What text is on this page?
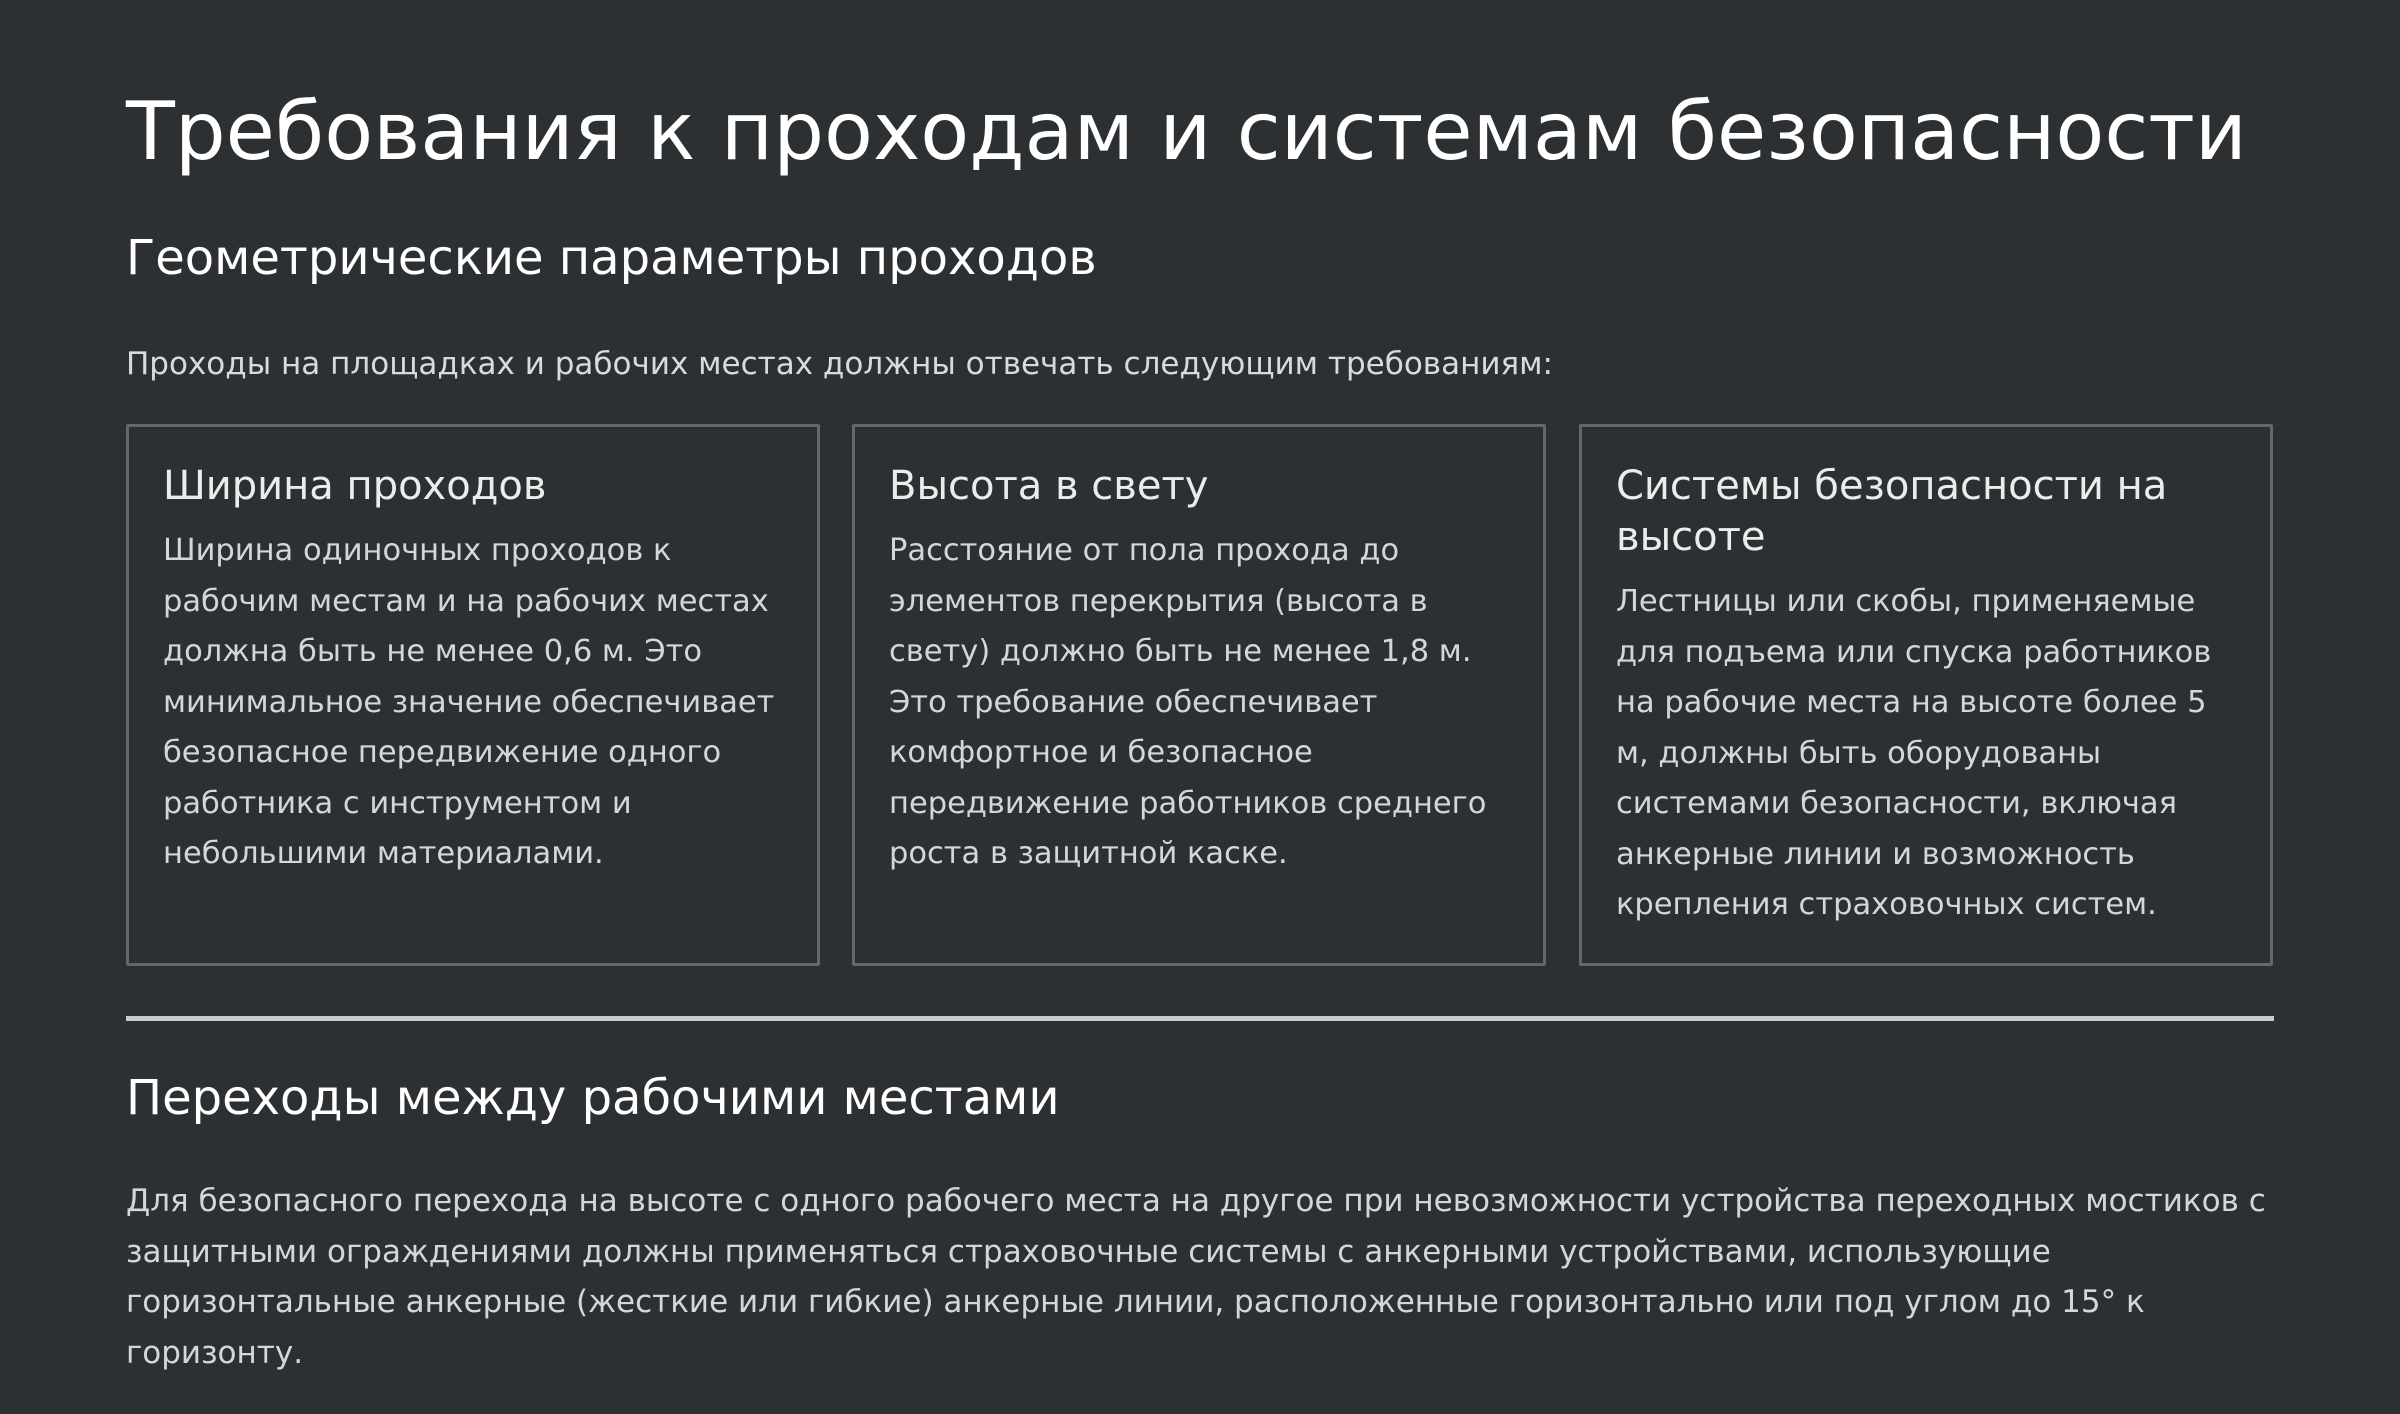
Требования к проходам и системам безопасности
Геометрические параметры проходов

Проходы на площадках и рабочих местах должны отвечать следующим требованиям:

Ширина проходов

Ширина одиночных проходов к рабочим местам и на рабочих местах должна быть не менее 0,6 м. Это минимальное значение обеспечивает безопасное передвижение одного работника с инструментом и небольшими материалами.

Высота в свету

Расстояние от пола прохода до элементов перекрытия (высота в свету) должно быть не менее 1,8 м. Это требование обеспечивает комфортное и безопасное передвижение работников среднего роста в защитной каске.

Системы безопасности на высоте

Лестницы или скобы, применяемые для подъема или спуска работников на рабочие места на высоте более 5 м, должны быть оборудованы системами безопасности, включая анкерные линии и возможность крепления страховочных систем.

Переходы между рабочими местами

Для безопасного перехода на высоте с одного рабочего места на другое при невозможности устройства переходных мостиков с защитными ограждениями должны применяться страховочные системы с анкерными устройствами, использующие горизонтальные анкерные (жесткие или гибкие) анкерные линии, расположенные горизонтально или под углом до 15° к горизонту.
